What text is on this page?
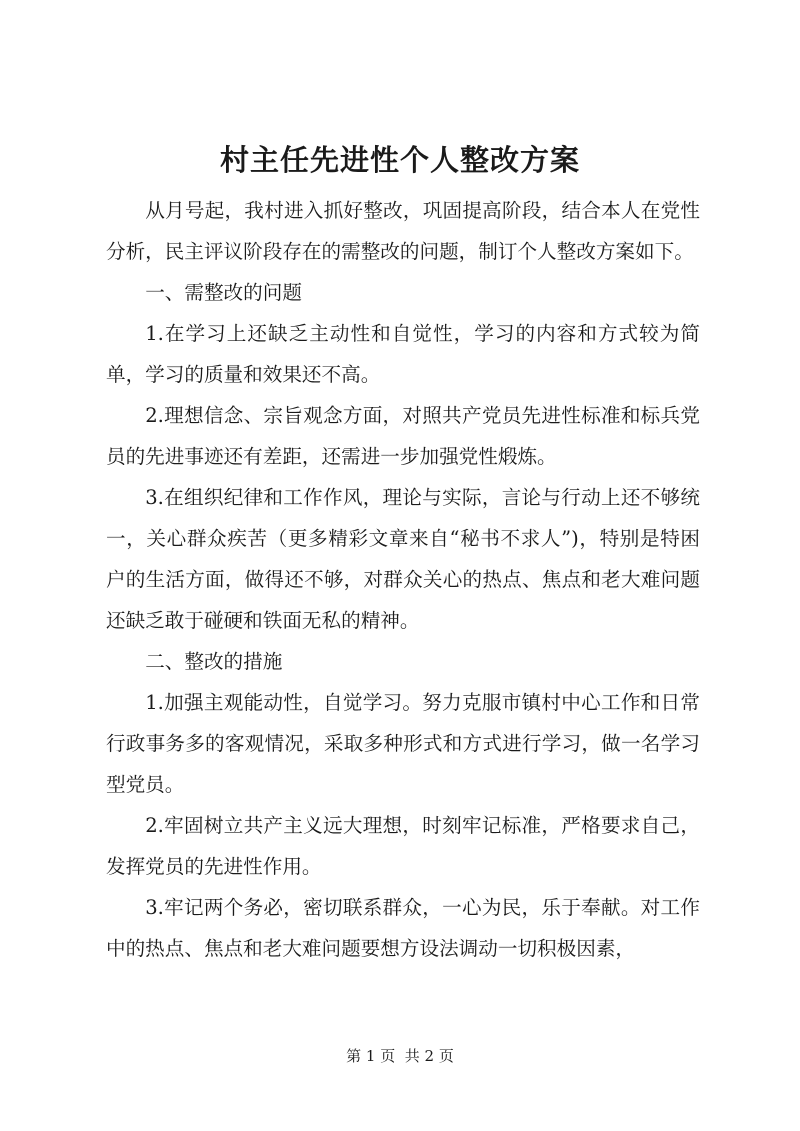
村主任先进性个人整改方案

从月号起，我村进入抓好整改，巩固提高阶段，结合本人在党性分析，民主评议阶段存在的需整改的问题，制订个人整改方案如下。

一、需整改的问题

1.在学习上还缺乏主动性和自觉性，学习的内容和方式较为简单，学习的质量和效果还不高。

2.理想信念、宗旨观念方面，对照共产党员先进性标准和标兵党员的先进事迹还有差距，还需进一步加强党性煅炼。

3.在组织纪律和工作作风，理论与实际，言论与行动上还不够统一，关心群众疾苦（更多精彩文章来自“秘书不求人”)，特别是特困户的生活方面，做得还不够，对群众关心的热点、焦点和老大难问题还缺乏敢于碰硬和铁面无私的精神。

二、整改的措施

1.加强主观能动性，自觉学习。努力克服市镇村中心工作和日常行政事务多的客观情况，采取多种形式和方式进行学习，做一名学习型党员。

2.牢固树立共产主义远大理想，时刻牢记标准，严格要求自己，发挥党员的先进性作用。

3.牢记两个务必，密切联系群众，一心为民，乐于奉献。对工作中的热点、焦点和老大难问题要想方设法调动一切积极因素，

第 1 页  共 2 页
